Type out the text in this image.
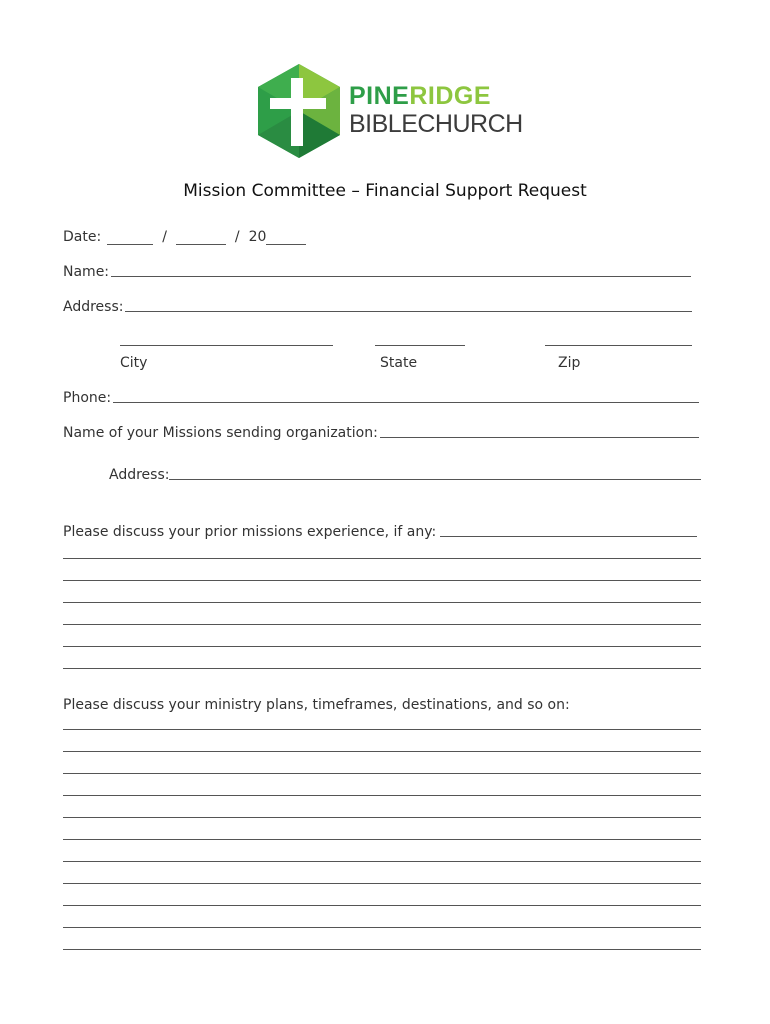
PINERIDGE
BIBLECHURCH
Mission Committee – Financial Support Request
Date:	/	/ 20
Name:
Address:
City	State	Zip
Phone:
Name of your Missions sending organization:
Address:
Please discuss your prior missions experience, if any:
Please discuss your ministry plans, timeframes, destinations, and so on:
